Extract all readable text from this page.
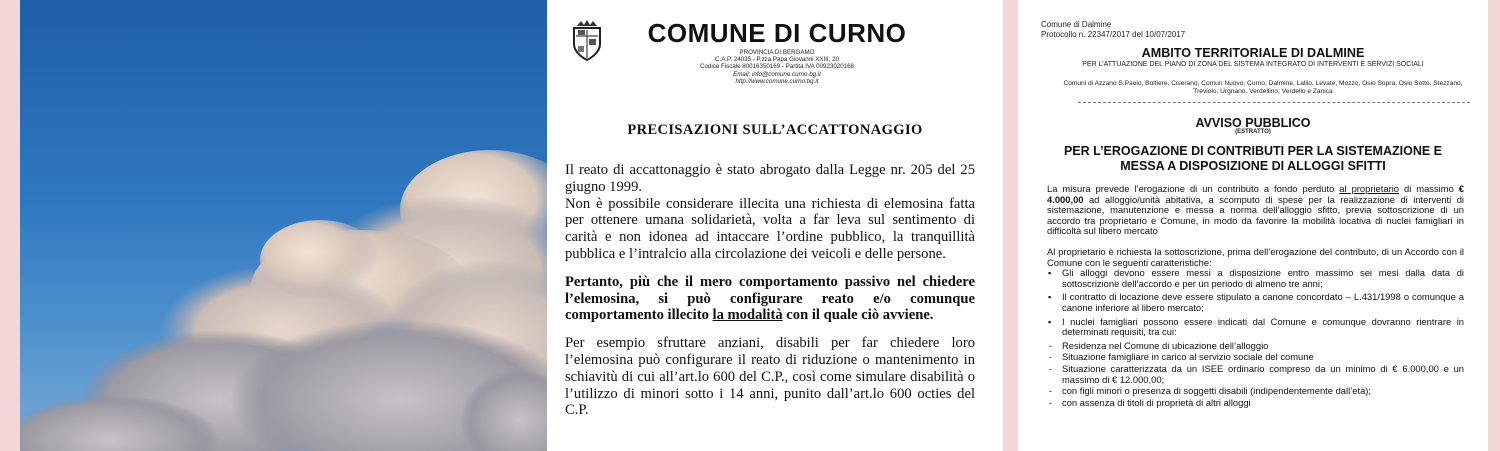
COMUNE DI CURNO
PROVINCIA DI BERGAMO
C.A.P. 24035 - P.zza Papa Giovanni XXIII, 20
Codice Fiscale 80016350169 - Partita IVA 00923020168
Email: info@comune.curno.bg.it
http://www.comune.curno.bg.it
PRECISAZIONI SULL’ACCATTONAGGIO

Il reato di accattonaggio è stato abrogato dalla Legge nr. 205 del 25 giugno 1999.

Non è possibile considerare illecita una richiesta di elemosina fatta per ottenere umana solidarietà, volta a far leva sul sentimento di carità e non idonea ad intaccare l’ordine pubblico, la tranquillità pubblica e l’intralcio alla circolazione dei veicoli e delle persone.

Pertanto, più che il mero comportamento passivo nel chiedere l’elemosina, si può configurare reato e/o comunque comportamento illecito la modalità con il quale ciò avviene.

Per esempio sfruttare anziani, disabili per far chiedere loro l’elemosina può configurare il reato di riduzione o mantenimento in schiavitù di cui all’art.lo 600 del C.P., così come simulare disabilità o l’utilizzo di minori sotto i 14 anni, punito dall’art.lo 600 octies del C.P.

Comune di Dalmine
Protocollo n. 22347/2017 del 10/07/2017
AMBITO TERRITORIALE DI DALMINE
PER L’ATTUAZIONE DEL PIANO DI ZONA DEL SISTEMA INTEGRATO DI INTERVENTI E SERVIZI SOCIALI
Comuni di Azzano S.Paolo, Boltiere, Ciserano, Comun Nuovo, Curno, Dalmine, Lallio, Levate, Mozzo, Osio Sopra, Osio Sotto, Stezzano, Treviolo, Urgnano, Verdellino, Verdello e Zanica
AVVISO PUBBLICO
(ESTRATTO)
PER L’EROGAZIONE DI CONTRIBUTI PER LA SISTEMAZIONE E MESSA A DISPOSIZIONE DI ALLOGGI SFITTI

La misura prevede l’erogazione di un contributo a fondo perduto al proprietario di massimo € 4.000,00 ad alloggio/unità abitativa, a scomputo di spese per la realizzazione di interventi di sistemazione, manutenzione e messa a norma dell’alloggio sfitto, previa sottoscrizione di un accordo tra proprietario e Comune, in modo da favorire la mobilità locativa di nuclei famigliari in difficoltà sul libero mercato

Al proprietario è richiesta la sottoscrizione, prima dell’erogazione del contributo, di un Accordo con il Comune con le seguenti caratteristiche:

▪ Gli alloggi devono essere messi a disposizione entro massimo sei mesi dalla data di sottoscrizione dell’accordo e per un periodo di almeno tre anni;
▪ Il contratto di locazione deve essere stipulato a canone concordato – L.431/1998 o comunque a canone inferiore al libero mercato;
▪ I nuclei famigliari possono essere indicati dal Comune e comunque dovranno rientrare in determinati requisiti, tra cui:
- Residenza nel Comune di ubicazione dell’alloggio
- Situazione famigliare in carico al servizio sociale del comune
- Situazione caratterizzata da un ISEE ordinario compreso da un minimo di € 6.000,00 e un massimo di € 12.000,00;
- con figli minori o presenza di soggetti disabili (indipendentemente dall’età);
- con assenza di titoli di proprietà di altri alloggi
